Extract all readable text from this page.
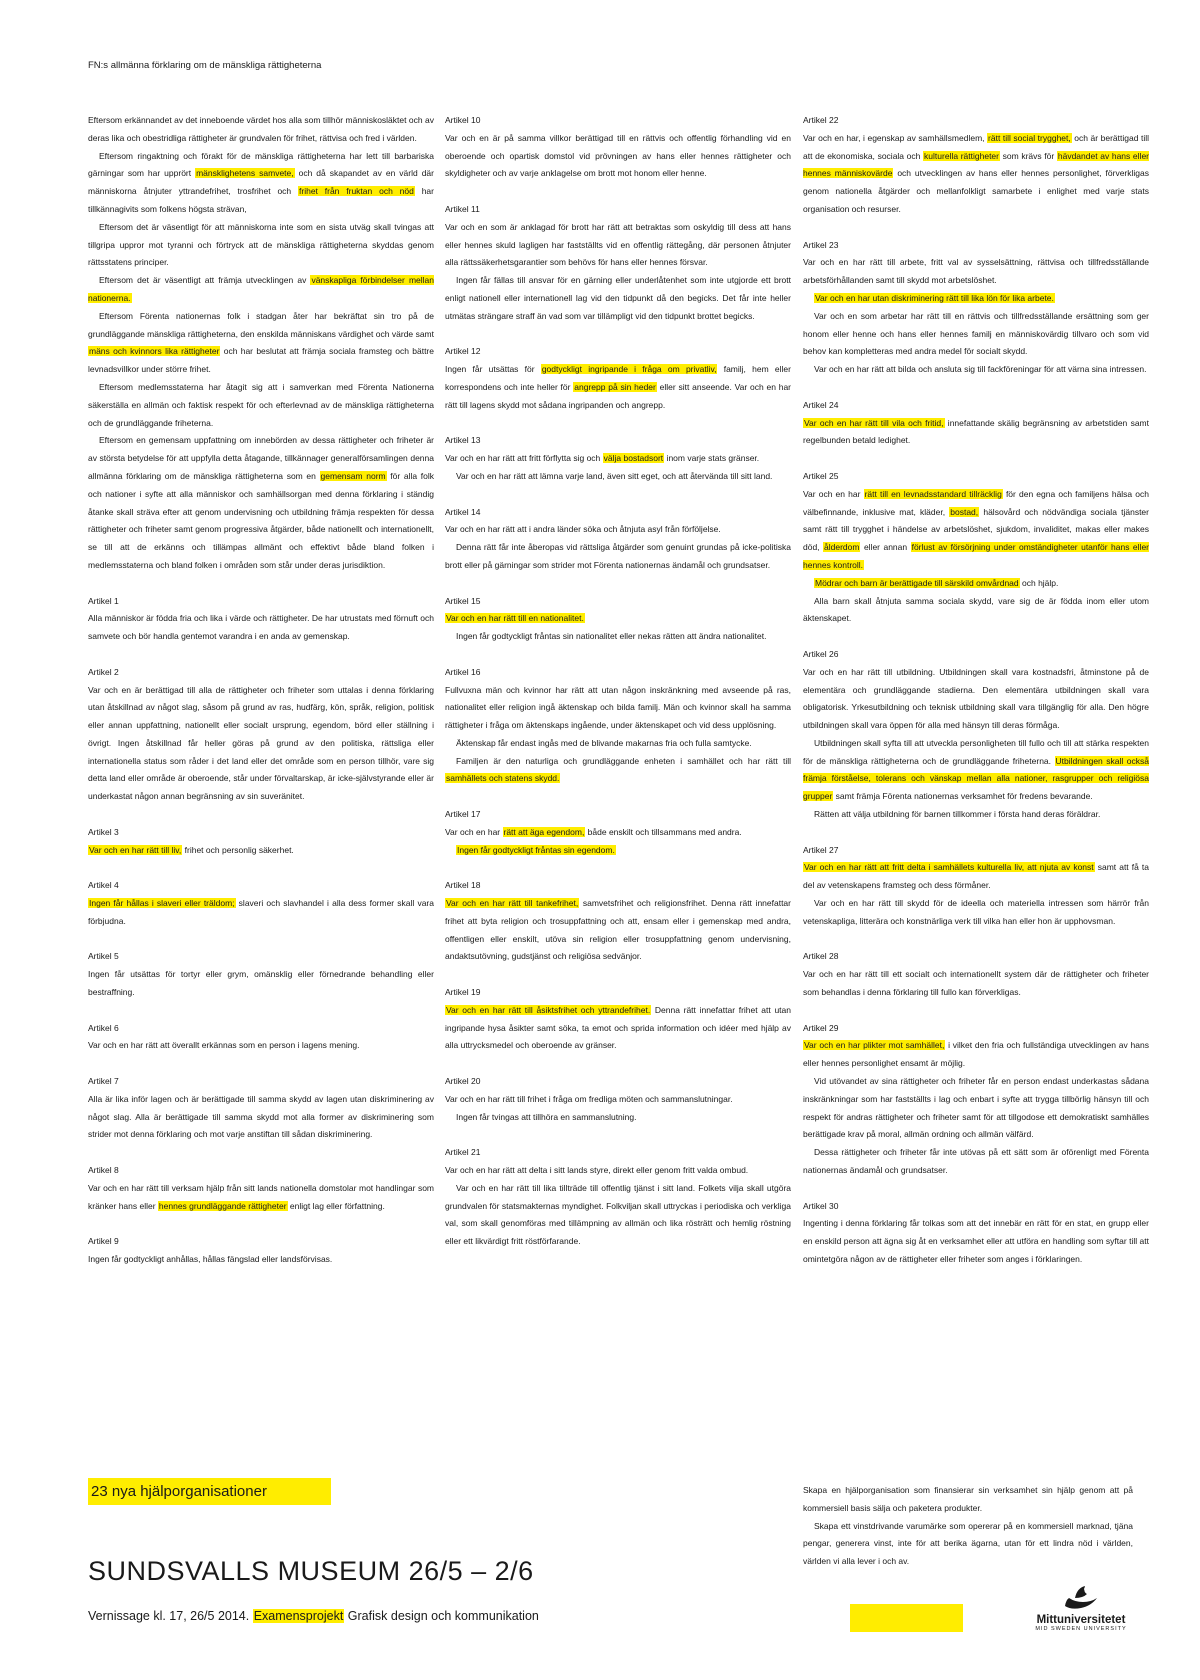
FN:s allmänna förklaring om de mänskliga rättigheterna

Eftersom erkännandet av det inneboende värdet hos alla som tillhör människosläktet och av deras lika och obestridliga rättigheter är grundvalen för frihet, rättvisa och fred i världen.

Eftersom ringaktning och förakt för de mänskliga rättigheterna har lett till barbariska gärningar som har upprört mänsklighetens samvete, och då skapandet av en värld där människorna åtnjuter yttrandefrihet, trosfrihet och frihet från fruktan och nöd har tillkännagivits som folkens högsta strävan,

Eftersom det är väsentligt för att människorna inte som en sista utväg skall tvingas att tillgripa uppror mot tyranni och förtryck att de mänskliga rättigheterna skyddas genom rättsstatens principer.

Eftersom det är väsentligt att främja utvecklingen av vänskapliga förbindelser mellan nationerna.

Eftersom Förenta nationernas folk i stadgan åter har bekräftat sin tro på de grundläggande mänskliga rättigheterna, den enskilda människans värdighet och värde samt mäns och kvinnors lika rättigheter och har beslutat att främja sociala framsteg och bättre levnadsvillkor under större frihet.

Eftersom medlemsstaterna har åtagit sig att i samverkan med Förenta Nationerna säkerställa en allmän och faktisk respekt för och efterlevnad av de mänskliga rättigheterna och de grundläggande friheterna.

Eftersom en gemensam uppfattning om innebörden av dessa rättigheter och friheter är av största betydelse för att uppfylla detta åtagande, tillkännager generalförsamlingen denna allmänna förklaring om de mänskliga rättigheterna som en gemensam norm för alla folk och nationer i syfte att alla människor och samhällsorgan med denna förklaring i ständig åtanke skall sträva efter att genom undervisning och utbildning främja respekten för dessa rättigheter och friheter samt genom progressiva åtgärder, både nationellt och internationellt, se till att de erkänns och tillämpas allmänt och effektivt både bland folken i medlemsstaterna och bland folken i områden som står under deras jurisdiktion.

Artikel 1

Alla människor är födda fria och lika i värde och rättigheter. De har utrustats med förnuft och samvete och bör handla gentemot varandra i en anda av gemenskap.

Artikel 2

Var och en är berättigad till alla de rättigheter och friheter som uttalas i denna förklaring utan åtskillnad av något slag, såsom på grund av ras, hudfärg, kön, språk, religion, politisk eller annan uppfattning, nationellt eller socialt ursprung, egendom, börd eller ställning i övrigt. Ingen åtskillnad får heller göras på grund av den politiska, rättsliga eller internationella status som råder i det land eller det område som en person tillhör, vare sig detta land eller område är oberoende, står under förvaltarskap, är icke-självstyrande eller är underkastat någon annan begränsning av sin suveränitet.

Artikel 3

Var och en har rätt till liv, frihet och personlig säkerhet.

Artikel 4

Ingen får hållas i slaveri eller träldom; slaveri och slavhandel i alla dess former skall vara förbjudna.

Artikel 5

Ingen får utsättas för tortyr eller grym, omänsklig eller förnedrande behandling eller bestraffning.

Artikel 6

Var och en har rätt att överallt erkännas som en person i lagens mening.

Artikel 7

Alla är lika inför lagen och är berättigade till samma skydd av lagen utan diskriminering av något slag. Alla är berättigade till samma skydd mot alla former av diskriminering som strider mot denna förklaring och mot varje anstiftan till sådan diskriminering.

Artikel 8

Var och en har rätt till verksam hjälp från sitt lands nationella domstolar mot handlingar som kränker hans eller hennes grundläggande rättigheter enligt lag eller författning.

Artikel 9

Ingen får godtyckligt anhållas, hållas fängslad eller landsförvisas.

Artikel 10

Var och en är på samma villkor berättigad till en rättvis och offentlig förhandling vid en oberoende och opartisk domstol vid prövningen av hans eller hennes rättigheter och skyldigheter och av varje anklagelse om brott mot honom eller henne.

Artikel 11

Var och en som är anklagad för brott har rätt att betraktas som oskyldig till dess att hans eller hennes skuld lagligen har fastställts vid en offentlig rättegång, där personen åtnjuter alla rättssäkerhetsgarantier som behövs för hans eller hennes försvar.

Ingen får fällas till ansvar för en gärning eller underlåtenhet som inte utgjorde ett brott enligt nationell eller internationell lag vid den tidpunkt då den begicks. Det får inte heller utmätas strängare straff än vad som var tillämpligt vid den tidpunkt brottet begicks.

Artikel 12

Ingen får utsättas för godtyckligt ingripande i fråga om privatliv, familj, hem eller korrespondens och inte heller för angrepp på sin heder eller sitt anseende. Var och en har rätt till lagens skydd mot sådana ingripanden och angrepp.

Artikel 13

Var och en har rätt att fritt förflytta sig och välja bostadsort inom varje stats gränser.

Var och en har rätt att lämna varje land, även sitt eget, och att återvända till sitt land.

Artikel 14

Var och en har rätt att i andra länder söka och åtnjuta asyl från förföljelse.

Denna rätt får inte åberopas vid rättsliga åtgärder som genuint grundas på icke-politiska brott eller på gärningar som strider mot Förenta nationernas ändamål och grundsatser.

Artikel 15

Var och en har rätt till en nationalitet.

Ingen får godtyckligt fråntas sin nationalitet eller nekas rätten att ändra nationalitet.

Artikel 16

Fullvuxna män och kvinnor har rätt att utan någon inskränkning med avseende på ras, nationalitet eller religion ingå äktenskap och bilda familj. Män och kvinnor skall ha samma rättigheter i fråga om äktenskaps ingående, under äktenskapet och vid dess upplösning.

Äktenskap får endast ingås med de blivande makarnas fria och fulla samtycke.

Familjen är den naturliga och grundläggande enheten i samhället och har rätt till samhällets och statens skydd.

Artikel 17

Var och en har rätt att äga egendom, både enskilt och tillsammans med andra.

Ingen får godtyckligt fråntas sin egendom.

Artikel 18

Var och en har rätt till tankefrihet, samvetsfrihet och religionsfrihet. Denna rätt innefattar frihet att byta religion och trosuppfattning och att, ensam eller i gemenskap med andra, offentligen eller enskilt, utöva sin religion eller trosuppfattning genom undervisning, andaktsutövning, gudstjänst och religiösa sedvänjor.

Artikel 19

Var och en har rätt till åsiktsfrihet och yttrandefrihet. Denna rätt innefattar frihet att utan ingripande hysa åsikter samt söka, ta emot och sprida information och idéer med hjälp av alla uttrycksmedel och oberoende av gränser.

Artikel 20

Var och en har rätt till frihet i fråga om fredliga möten och sammanslutningar.

Ingen får tvingas att tillhöra en sammanslutning.

Artikel 21

Var och en har rätt att delta i sitt lands styre, direkt eller genom fritt valda ombud.

Var och en har rätt till lika tillträde till offentlig tjänst i sitt land. Folkets vilja skall utgöra grundvalen för statsmakternas myndighet. Folkviljan skall uttryckas i periodiska och verkliga val, som skall genomföras med tillämpning av allmän och lika rösträtt och hemlig röstning eller ett likvärdigt fritt röstförfarande.

Artikel 22

Var och en har, i egenskap av samhällsmedlem, rätt till social trygghet, och är berättigad till att de ekonomiska, sociala och kulturella rättigheter som krävs för hävdandet av hans eller hennes människovärde och utvecklingen av hans eller hennes personlighet, förverkligas genom nationella åtgärder och mellanfolkligt samarbete i enlighet med varje stats organisation och resurser.

Artikel 23

Var och en har rätt till arbete, fritt val av sysselsättning, rättvisa och tillfredsställande arbetsförhållanden samt till skydd mot arbetslöshet.

Var och en har utan diskriminering rätt till lika lön för lika arbete.

Var och en som arbetar har rätt till en rättvis och tillfredsställande ersättning som ger honom eller henne och hans eller hennes familj en människovärdig tillvaro och som vid behov kan kompletteras med andra medel för socialt skydd.

Var och en har rätt att bilda och ansluta sig till fackföreningar för att värna sina intressen.

Artikel 24

Var och en har rätt till vila och fritid, innefattande skälig begränsning av arbetstiden samt regelbunden betald ledighet.

Artikel 25

Var och en har rätt till en levnadsstandard tillräcklig för den egna och familjens hälsa och välbefinnande, inklusive mat, kläder, bostad, hälsovård och nödvändiga sociala tjänster samt rätt till trygghet i händelse av arbetslöshet, sjukdom, invaliditet, makas eller makes död, ålderdom eller annan förlust av försörjning under omständigheter utanför hans eller hennes kontroll.

Mödrar och barn är berättigade till särskild omvårdnad och hjälp.

Alla barn skall åtnjuta samma sociala skydd, vare sig de är födda inom eller utom äktenskapet.

Artikel 26

Var och en har rätt till utbildning. Utbildningen skall vara kostnadsfri, åtminstone på de elementära och grundläggande stadierna. Den elementära utbildningen skall vara obligatorisk. Yrkesutbildning och teknisk utbildning skall vara tillgänglig för alla. Den högre utbildningen skall vara öppen för alla med hänsyn till deras förmåga.

Utbildningen skall syfta till att utveckla personligheten till fullo och till att stärka respekten för de mänskliga rättigheterna och de grundläggande friheterna. Utbildningen skall också främja förståelse, tolerans och vänskap mellan alla nationer, rasgrupper och religiösa grupper samt främja Förenta nationernas verksamhet för fredens bevarande.

Rätten att välja utbildning för barnen tillkommer i första hand deras föräldrar.

Artikel 27

Var och en har rätt att fritt delta i samhällets kulturella liv, att njuta av konst samt att få ta del av vetenskapens framsteg och dess förmåner.

Var och en har rätt till skydd för de ideella och materiella intressen som härrör från vetenskapliga, litterära och konstnärliga verk till vilka han eller hon är upphovsman.

Artikel 28

Var och en har rätt till ett socialt och internationellt system där de rättigheter och friheter som behandlas i denna förklaring till fullo kan förverkligas.

Artikel 29

Var och en har plikter mot samhället, i vilket den fria och fullständiga utvecklingen av hans eller hennes personlighet ensamt är möjlig.

Vid utövandet av sina rättigheter och friheter får en person endast underkastas sådana inskränkningar som har fastställts i lag och enbart i syfte att trygga tillbörlig hänsyn till och respekt för andras rättigheter och friheter samt för att tillgodose ett demokratiskt samhälles berättigade krav på moral, allmän ordning och allmän välfärd.

Dessa rättigheter och friheter får inte utövas på ett sätt som är oförenligt med Förenta nationernas ändamål och grundsatser.

Artikel 30

Ingenting i denna förklaring får tolkas som att det innebär en rätt för en stat, en grupp eller en enskild person att ägna sig åt en verksamhet eller att utföra en handling som syftar till att omintetgöra någon av de rättigheter eller friheter som anges i förklaringen.

23 nya hjälporganisationer
SUNDSVALLS MUSEUM 26/5 – 2/6
Vernissage kl. 17, 26/5 2014. Examensprojekt Grafisk design och kommunikation

Skapa en hjälporganisation som finansierar sin verksamhet sin hjälp genom att på kommersiell basis sälja och paketera produkter.

Skapa ett vinstdrivande varumärke som opererar på en kommersiell marknad, tjäna pengar, generera vinst, inte för att berika ägarna, utan för ett lindra nöd i världen, världen vi alla lever i och av.

Mittuniversitetet
MID SWEDEN UNIVERSITY
